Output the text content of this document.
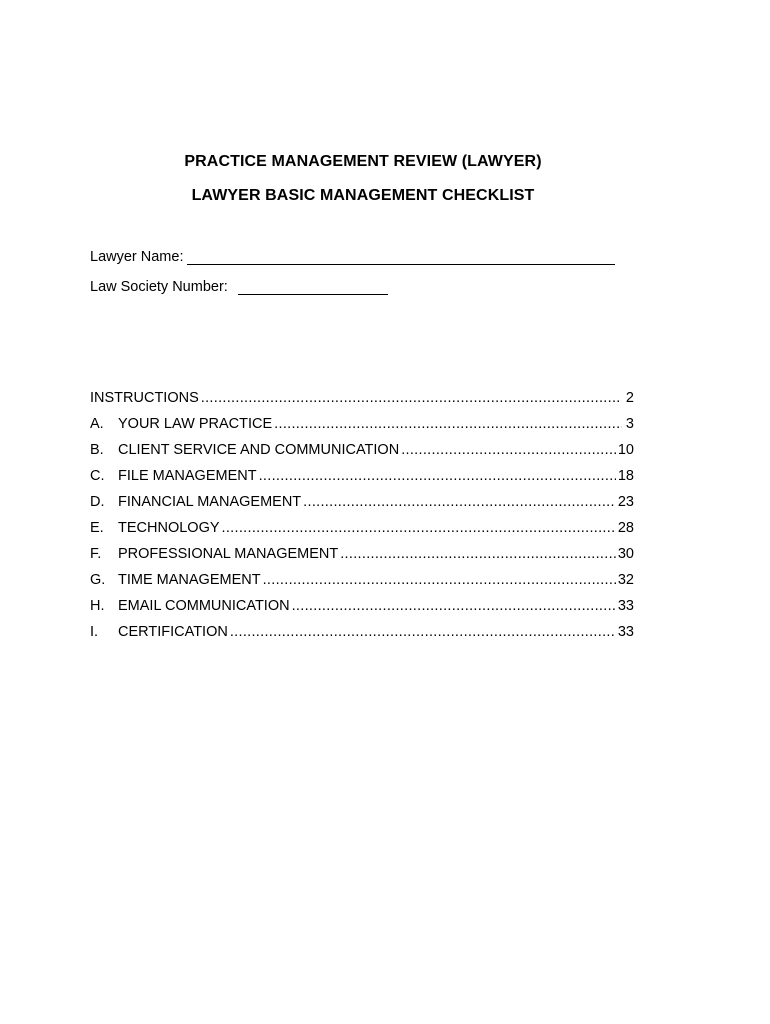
PRACTICE MANAGEMENT REVIEW (LAWYER)
LAWYER BASIC MANAGEMENT CHECKLIST
Lawyer Name:
Law Society Number:
INSTRUCTIONS .....	2
A. YOUR LAW PRACTICE .....	3
B. CLIENT SERVICE AND COMMUNICATION .....	10
C. FILE MANAGEMENT .....	18
D. FINANCIAL MANAGEMENT .....	23
E. TECHNOLOGY .....	28
F.	PROFESSIONAL MANAGEMENT .....	30
G. TIME MANAGEMENT .....	32
H. EMAIL COMMUNICATION .....	33
I.	CERTIFICATION .....	33
